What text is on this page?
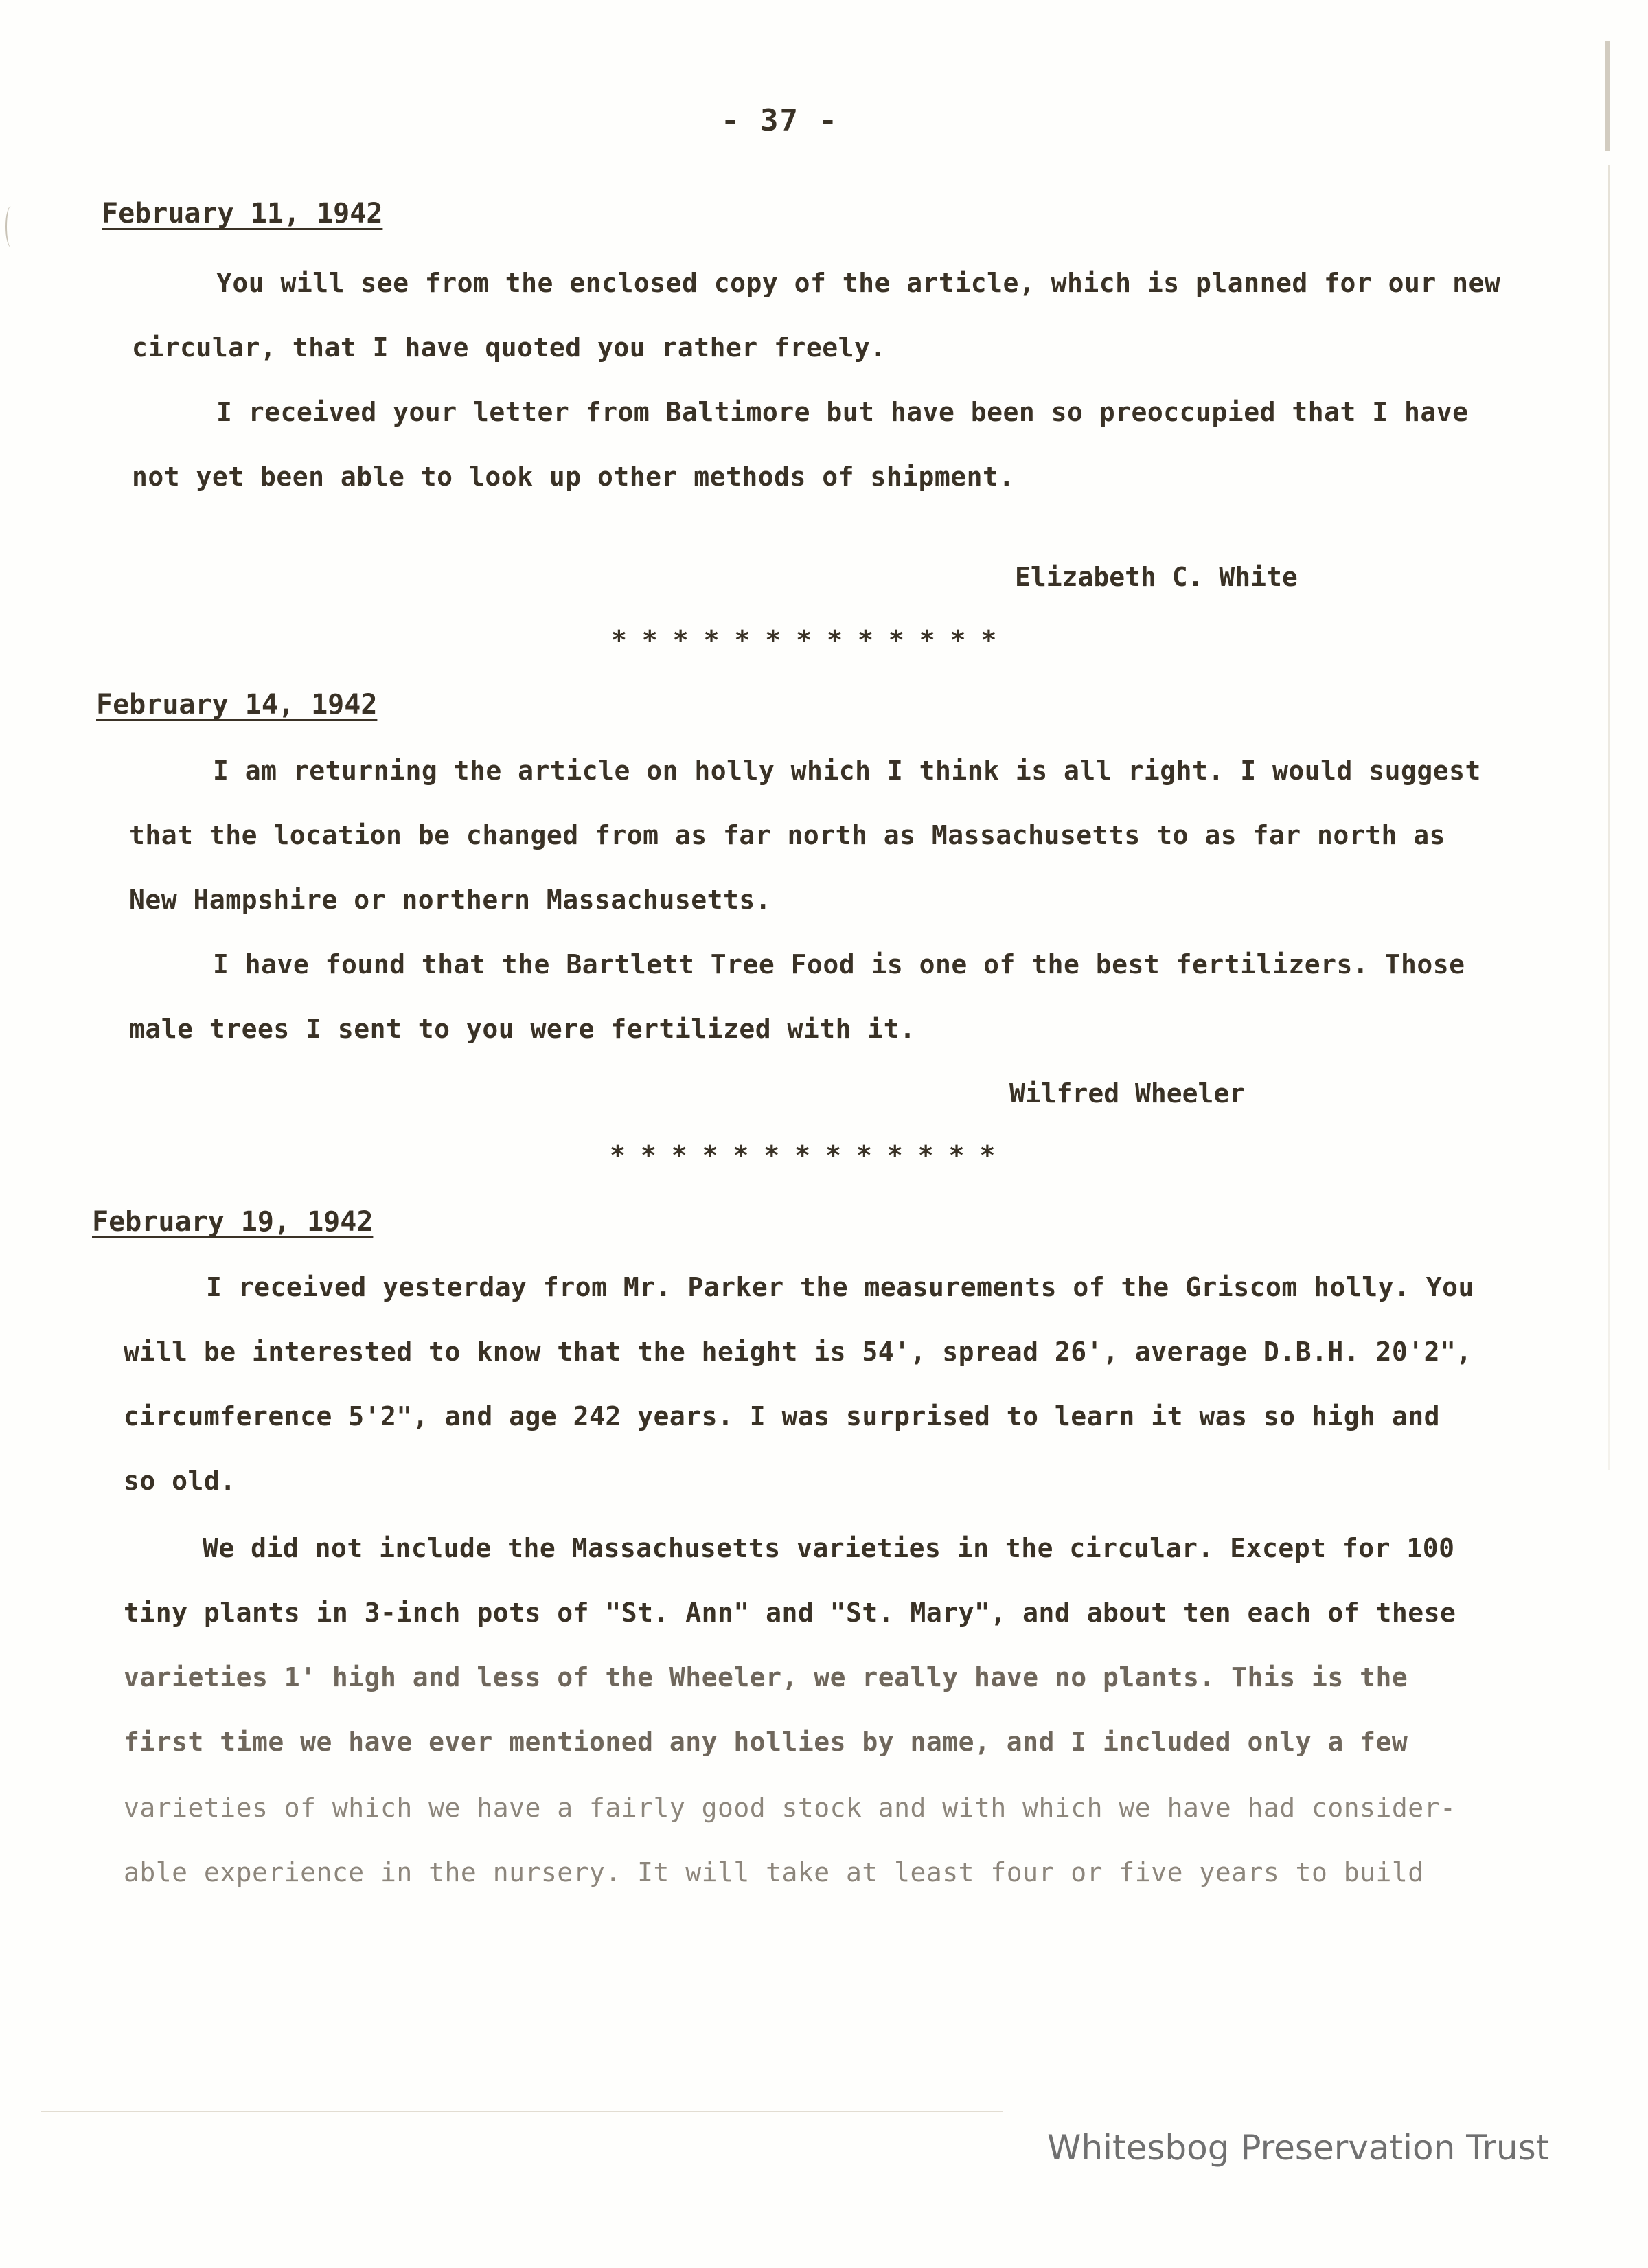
- 37 -
February 11, 1942
You will see from the enclosed copy of the article, which is planned for our new
circular, that I have quoted you rather freely.
I received your letter from Baltimore but have been so preoccupied that I have
not yet been able to look up other methods of shipment.
Elizabeth C. White
*************
February 14, 1942
I am returning the article on holly which I think is all right. I would suggest
that the location be changed from as far north as Massachusetts to as far north as
New Hampshire or northern Massachusetts.
I have found that the Bartlett Tree Food is one of the best fertilizers. Those
male trees I sent to you were fertilized with it.
Wilfred Wheeler
*************
February 19, 1942
I received yesterday from Mr. Parker the measurements of the Griscom holly. You
will be interested to know that the height is 54', spread 26', average D.B.H. 20'2",
circumference 5'2", and age 242 years. I was surprised to learn it was so high and
so old.
We did not include the Massachusetts varieties in the circular. Except for 100
tiny plants in 3-inch pots of "St. Ann" and "St. Mary", and about ten each of these
varieties 1' high and less of the Wheeler, we really have no plants. This is the
first time we have ever mentioned any hollies by name, and I included only a few
varieties of which we have a fairly good stock and with which we have had consider-
able experience in the nursery. It will take at least four or five years to build
Whitesbog Preservation Trust
